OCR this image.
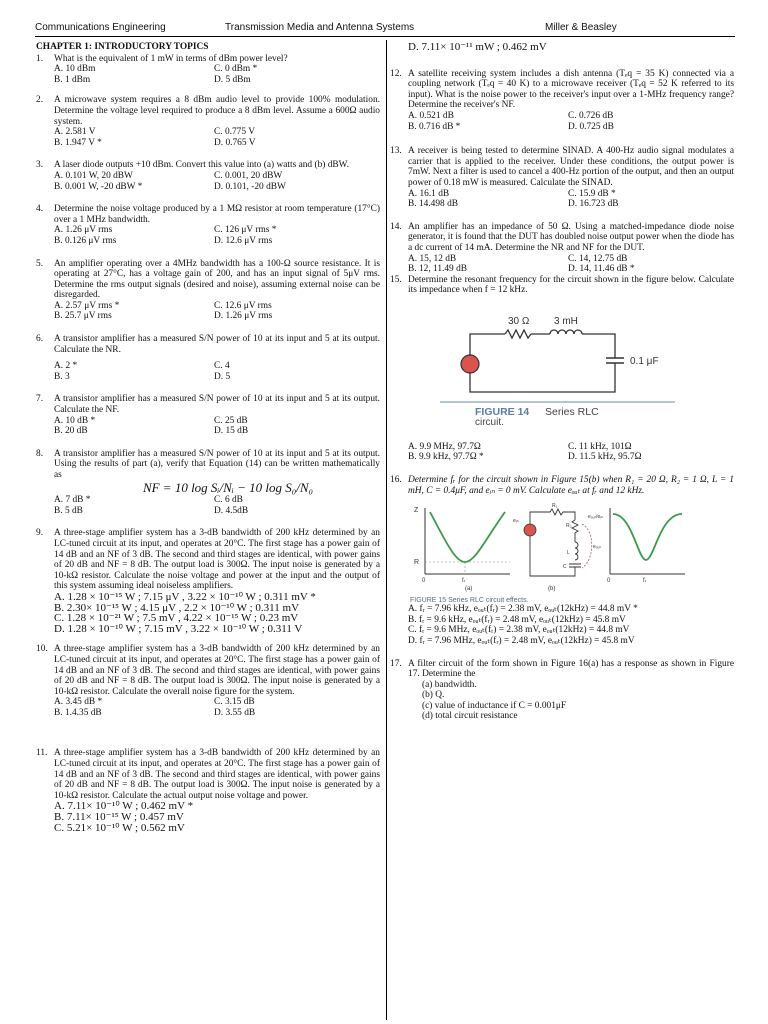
Communications Engineering	Transmission Media and Antenna Systems	Miller & Beasley
CHAPTER 1: INTRODUCTORY TOPICS
1.	What is the equivalent of 1 mW in terms of dBm power level?
A. 10 dBm	C. 0 dBm *
B. 1 dBm	D. 5 dBm
2.	A microwave system requires a 8 dBm audio level to provide 100% modulation. Determine the voltage level required to produce a 8 dBm level. Assume a 600Ω audio system.
A. 2.581 V	C. 0.775 V
B. 1.947 V *	D. 0.765 V
3.	A laser diode outputs +10 dBm. Convert this value into (a) watts and (b) dBW.
A. 0.101 W, 20 dBW	C. 0.001, 20 dBW
B. 0.001 W, -20 dBW *	D. 0.101, -20 dBW
4.	Determine the noise voltage produced by a 1 MΩ resistor at room temperature (17°C) over a 1 MHz bandwidth.
A. 1.26 μV rms	C. 126 μV rms *
B. 0.126 μV rms	D. 12.6 μV rms
5.	An amplifier operating over a 4MHz bandwidth has a 100-Ω source resistance. It is operating at 27°C, has a voltage gain of 200, and has an input signal of 5μV rms. Determine the rms output signals (desired and noise), assuming external noise can be disregarded.
A. 2.57 μV rms *	C. 12.6 μV rms
B. 25.7 μV rms	D. 1.26 μV rms
6.	A transistor amplifier has a measured S/N power of 10 at its input and 5 at its output. Calculate the NR.
A. 2 *	C. 4
B. 3	D. 5
7.	A transistor amplifier has a measured S/N power of 10 at its input and 5 at its output. Calculate the NF.
A. 10 dB *	C. 25 dB
B. 20 dB	D. 15 dB
8.	A transistor amplifier has a measured S/N power of 10 at its input and 5 at its output. Using the results of part (a), verify that Equation (14) can be written mathematically as
NF = 10 log Sᵢ/Nᵢ − 10 log S₀/N₀
A. 7 dB *	C. 6 dB
B. 5 dB	D. 4.5dB
9.	A three-stage amplifier system has a 3-dB bandwidth of 200 kHz determined by an LC-tuned circuit at its input, and operates at 20°C. The first stage has a power gain of 14 dB and an NF of 3 dB. The second and third stages are identical, with power gains of 20 dB and NF = 8 dB. The output load is 300Ω. The input noise is generated by a 10-kΩ resistor. Calculate the noise voltage and power at the input and the output of this system assuming ideal noiseless amplifiers.
A. 1.28 × 10⁻¹⁵ W ; 7.15 μV , 3.22 × 10⁻¹⁰ W ; 0.311 mV *
B. 2.30× 10⁻¹⁵ W ; 4.15 μV , 2.2 × 10⁻¹⁰ W ; 0.311 mV
C. 1.28 × 10⁻²¹ W ; 7.5 mV , 4.22 × 10⁻¹⁵ W ; 0.23 mV
D. 1.28 × 10⁻¹⁰ W ; 7.15 mV , 3.22 × 10⁻¹⁰ W ; 0.311 V
10. A three-stage amplifier system has a 3-dB bandwidth of 200 kHz determined by an LC-tuned circuit at its input, and operates at 20°C. The first stage has a power gain of 14 dB and an NF of 3 dB. The second and third stages are identical, with power gains of 20 dB and NF = 8 dB. The output load is 300Ω. The input noise is generated by a 10-kΩ resistor. Calculate the overall noise figure for the system.
A. 3.45 dB *	C. 3.15 dB
B. 1.4.35 dB	D. 3.55 dB
11. A three-stage amplifier system has a 3-dB bandwidth of 200 kHz determined by an LC-tuned circuit at its input, and operates at 20°C. The first stage has a power gain of 14 dB and an NF of 3 dB. The second and third stages are identical, with power gains of 20 dB and NF = 8 dB. The output load is 300Ω. The input noise is generated by a 10-kΩ resistor. Calculate the actual output noise voltage and power.
A. 7.11× 10⁻¹⁰ W ; 0.462 mV *
B. 7.11× 10⁻¹⁵ W ; 0.457 mV
C. 5.21× 10⁻¹⁰ W ; 0.562 mV
D. 7.11× 10⁻¹¹ mW ; 0.462 mV
12. A satellite receiving system includes a dish antenna (Tₑq = 35 K) connected via a coupling network (Tₑq = 40 K) to a microwave receiver (Tₑq = 52 K referred to its input). What is the noise power to the receiver's input over a 1-MHz frequency range? Determine the receiver's NF.
A. 0.521 dB	C. 0.726 dB
B. 0.716 dB *	D. 0.725 dB
13. A receiver is being tested to determine SINAD. A 400-Hz audio signal modulates a carrier that is applied to the receiver. Under these conditions, the output power is 7mW. Next a filter is used to cancel a 400-Hz portion of the output, and then an output power of 0.18 mW is measured. Calculate the SINAD.
A. 16.1 dB	C. 15.9 dB *
B. 14.498 dB	D. 16.723 dB
14. An amplifier has an impedance of 50 Ω. Using a matched-impedance diode noise generator, it is found that the DUT has doubled noise output power when the diode has a dc current of 14 mA. Determine the NR and NF for the DUT.
A. 15, 12 dB	C. 14, 12.75 dB
B. 12, 11.49 dB	D. 14, 11.46 dB *
15. Determine the resonant frequency for the circuit shown in the figure below. Calculate its impedance when f = 12 kHz.
30 Ω 3 mH
0.1 μF
FIGURE 14 Series RLC
circuit.
A. 9.9 MHz, 97.7Ω	C. 11 kHz, 101Ω
B. 9.9 kHz, 97.7Ω *	D. 11.5 kHz, 95.7Ω
16. Determine fᵣ for the circuit shown in Figure 15(b) when R₁ = 20 Ω, R₂ = 1 Ω, L = 1 mH, C = 0.4μF, and eᵢₙ = 0 mV. Calculate eₒᵤₜ at fᵣ and 12 kHz.
Z
R
0	fᵣ
(a)
eᵢₙ
R₁
R₂
L
C
eₒᵤₜ/eᵢₙ
eₒᵤₜ
(b)
0	fᵣ
FIGURE 15 Series RLC circuit effects.
A. fᵣ = 7.96 kHz, eₒᵤₜ(fᵣ) = 2.38 mV, eₒᵤₜ(12kHz) = 44.8 mV *
B. fᵣ = 9.6 kHz, eₒᵤₜ(fᵣ) = 2.48 mV, eₒᵤₜ(12kHz) = 45.8 mV
C. fᵣ = 9.6 MHz, eₒᵤₜ(fᵣ) = 2.38 mV, eₒᵤₜ(12kHz) = 44.8 mV
D. fᵣ = 7.96 MHz, eₒᵤₜ(fᵣ) = 2.48 mV, eₒᵤₜ(12kHz) = 45.8 mV
17. A filter circuit of the form shown in Figure 16(a) has a response as shown in Figure 17. Determine the
(a) bandwidth.
(b) Q.
(c) value of inductance if C = 0.001μF
(d) total circuit resistance
